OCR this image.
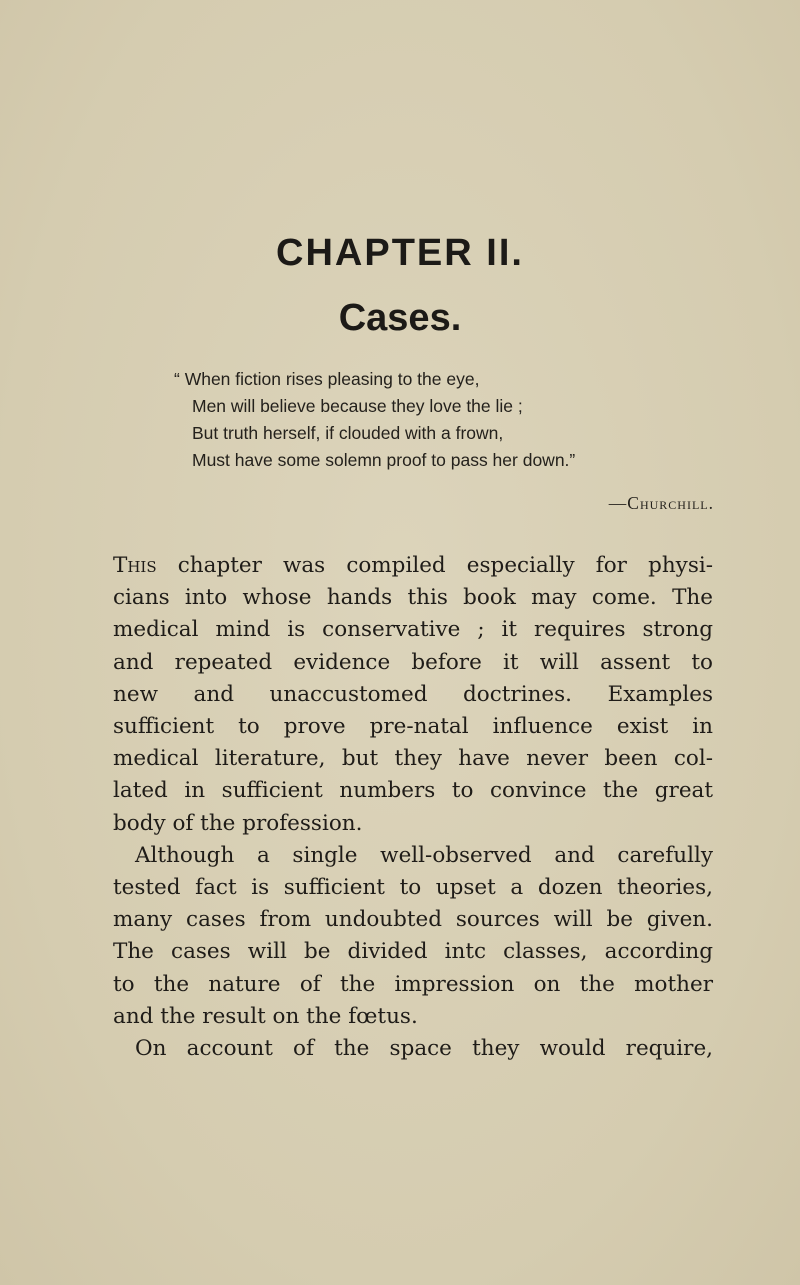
CHAPTER II.
Cases.
“ When fiction rises pleasing to the eye,
Men will believe because they love the lie ;
But truth herself, if clouded with a frown,
Must have some solemn proof to pass her down.”
—Churchill.
This chapter was compiled especially for physi-
cians into whose hands this book may come. The
medical mind is conservative ; it requires strong
and repeated evidence before it will assent to
new and unaccustomed doctrines. Examples
sufficient to prove pre-natal influence exist in
medical literature, but they have never been col-
lated in sufficient numbers to convince the great
body of the profession.
Although a single well-observed and carefully
tested fact is sufficient to upset a dozen theories,
many cases from undoubted sources will be given.
The cases will be divided intc classes, according
to the nature of the impression on the mother
and the result on the fœtus.
On account of the space they would require,
